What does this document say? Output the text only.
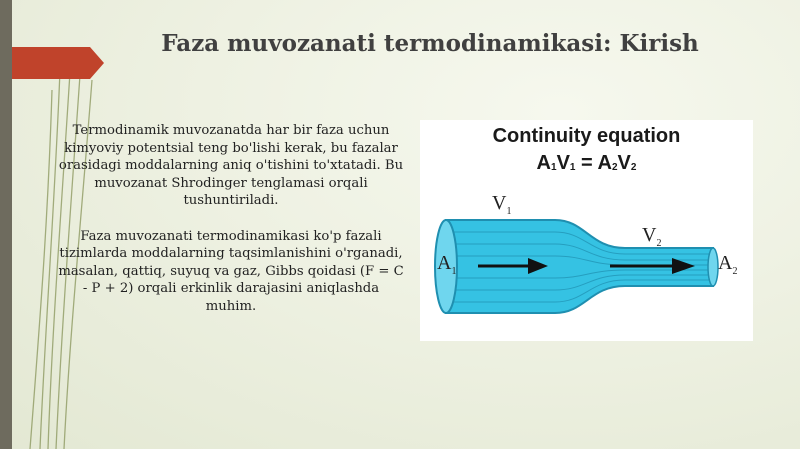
Faza muvozanati termodinamikasi: Kirish

Termodinamik muvozanatda har bir faza uchun kimyoviy potentsial teng bo'lishi kerak, bu fazalar orasidagi moddalarning aniq o'tishini to'xtatadi. Bu muvozanat Shrodinger tenglamasi orqali tushuntiriladi.

Faza muvozanati termodinamikasi ko'p fazali tizimlarda moddalarning taqsimlanishini o'rganadi, masalan, qattiq, suyuq va gaz, Gibbs qoidasi (F = C - P + 2) orqali erkinlik darajasini aniqlashda muhim.

Continuity equation
$A_1V_1 = A_2V_2$
$V_1$
$V_2$
$A_1$	$A_2$
